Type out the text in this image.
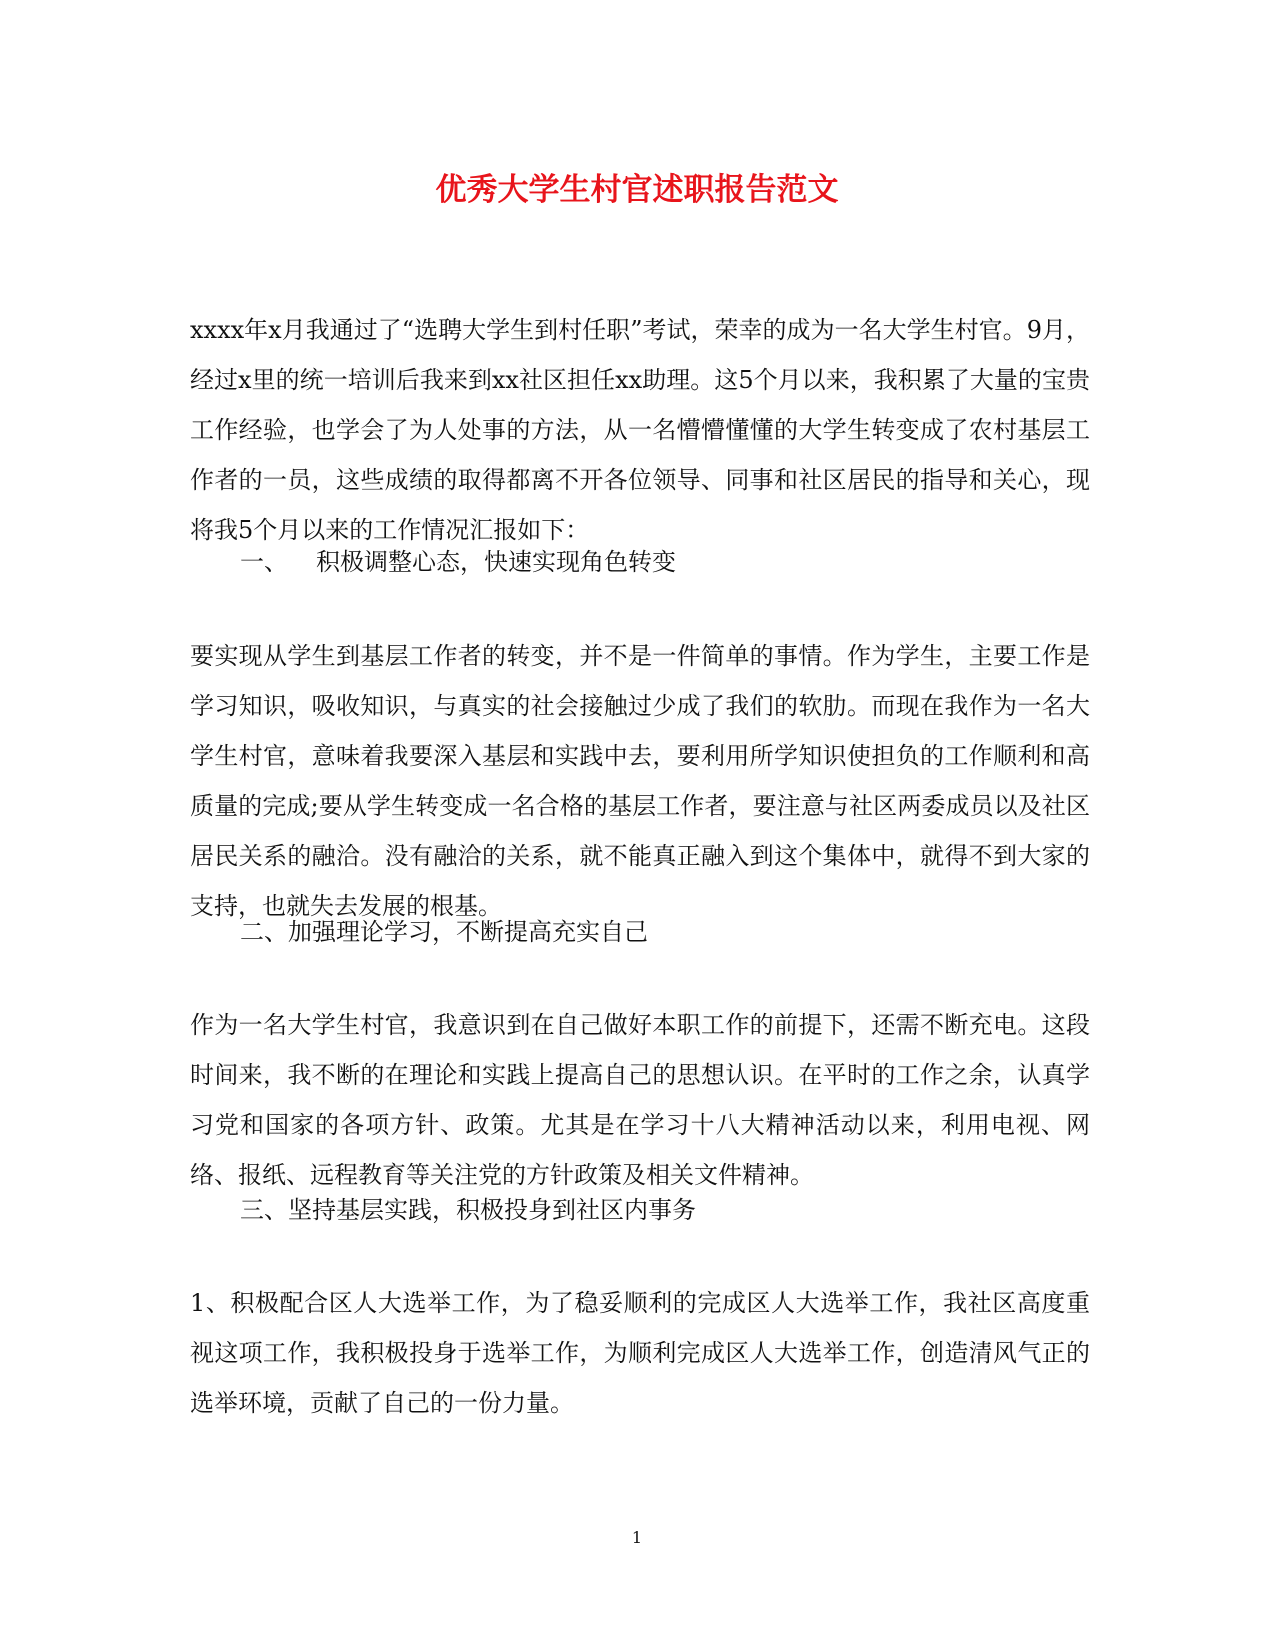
优秀大学生村官述职报告范文

xxxx年x月我通过了“选聘大学生到村任职”考试，荣幸的成为一名大学生村官。9月，经过x里的统一培训后我来到xx社区担任xx助理。这5个月以来，我积累了大量的宝贵工作经验，也学会了为人处事的方法，从一名懵懵懂懂的大学生转变成了农村基层工作者的一员，这些成绩的取得都离不开各位领导、同事和社区居民的指导和关心，现将我5个月以来的工作情况汇报如下：

一、 积极调整心态，快速实现角色转变

要实现从学生到基层工作者的转变，并不是一件简单的事情。作为学生，主要工作是学习知识，吸收知识，与真实的社会接触过少成了我们的软肋。而现在我作为一名大学生村官，意味着我要深入基层和实践中去，要利用所学知识使担负的工作顺利和高质量的完成;要从学生转变成一名合格的基层工作者，要注意与社区两委成员以及社区居民关系的融洽。没有融洽的关系，就不能真正融入到这个集体中，就得不到大家的支持，也就失去发展的根基。

二、加强理论学习，不断提高充实自己

作为一名大学生村官，我意识到在自己做好本职工作的前提下，还需不断充电。这段时间来，我不断的在理论和实践上提高自己的思想认识。在平时的工作之余，认真学习党和国家的各项方针、政策。尤其是在学习十八大精神活动以来，利用电视、网络、报纸、远程教育等关注党的方针政策及相关文件精神。

三、坚持基层实践，积极投身到社区内事务

1、积极配合区人大选举工作，为了稳妥顺利的完成区人大选举工作，我社区高度重视这项工作，我积极投身于选举工作，为顺利完成区人大选举工作，创造清风气正的选举环境，贡献了自己的一份力量。

1
